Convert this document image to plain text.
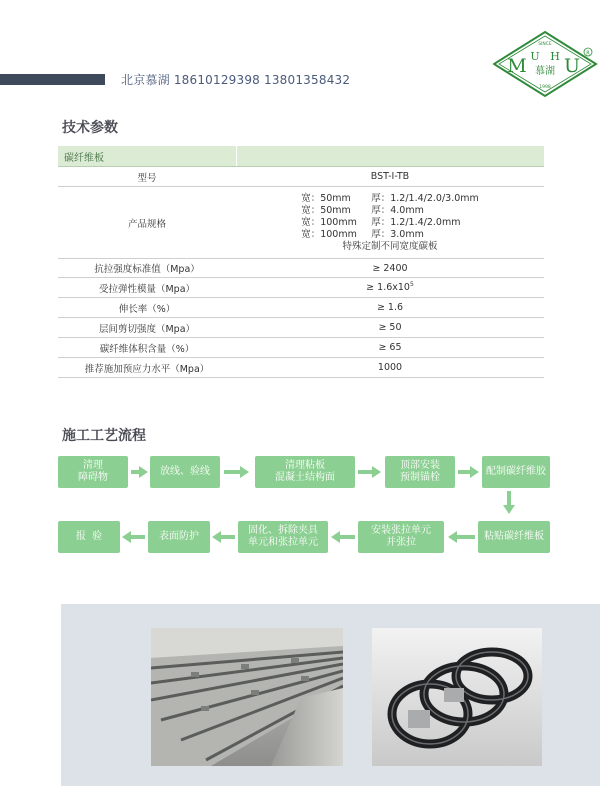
北京慕湖 18610129398 13801358432
SINCE
1998
M U H U
慕湖
R
技术参数
碳纤维板	
型号	BST-I-TB
产品规格	宽：50mm 厚：1.2/1.4/2.0/3.0mm
宽：50mm 厚：4.0mm
宽：100mm 厚：1.2/1.4/2.0mm
宽：100mm 厚：3.0mm
特殊定制不同宽度碳板

抗拉强度标准值（Mpa）	≥ 2400
受拉弹性模量（Mpa）	≥ $1.6x10^5$
伸长率（%）	≥ 1.6
层间剪切强度（Mpa）	≥ 50
碳纤维体积含量（%）	≥ 65
推荐施加预应力水平（Mpa）	1000
施工工艺流程
清理
障碍物
放线、验线
清理粘板
混凝土结构面
顶部安装
预制锚栓
配制碳纤维胶
粘贴碳纤维板
安装张拉单元
并张拉
固化、拆除夹具
单元和张拉单元
表面防护
报  验
